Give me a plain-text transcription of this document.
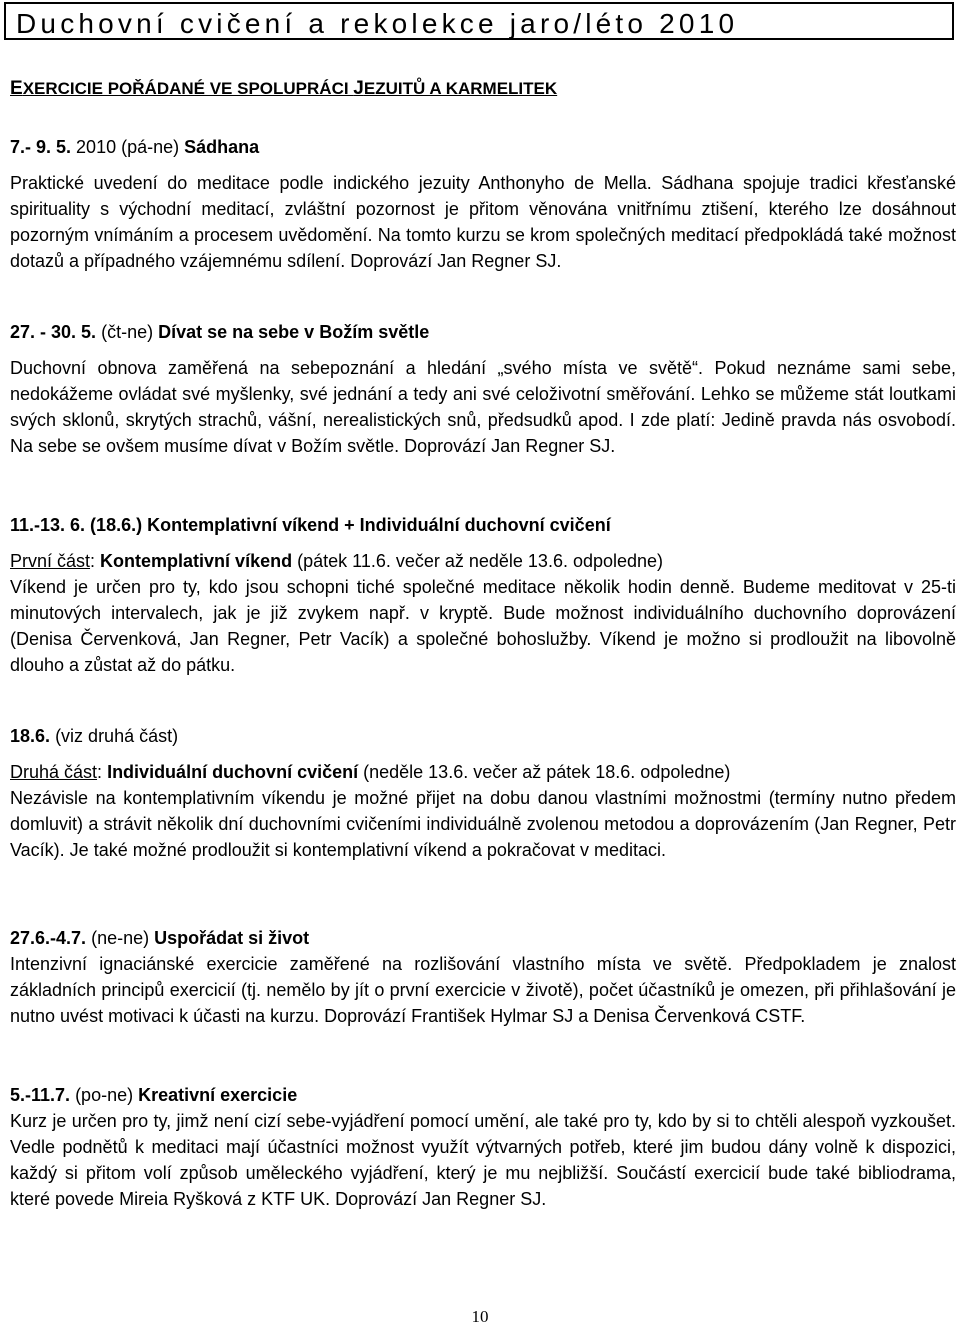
Duchovní cvičení a rekolekce jaro/léto 2010
EXERCICIE POŘÁDANÉ VE SPOLUPRÁCI JEZUITŮ A KARMELITEK
7.- 9. 5. 2010 (pá-ne) Sádhana

Praktické uvedení do meditace podle indického jezuity Anthonyho de Mella. Sádhana spojuje tradici křesťanské spirituality s východní meditací, zvláštní pozornost je přitom věnována vnitřnímu ztišení, kterého lze dosáhnout pozorným vnímáním a procesem uvědomění. Na tomto kurzu se krom společných meditací předpokládá také možnost dotazů a případného vzájemnému sdílení. Doprovází Jan Regner SJ.

27. - 30. 5. (čt-ne) Dívat se na sebe v Božím světle

Duchovní obnova zaměřená na sebepoznání a hledání „svého místa ve světě“. Pokud neznáme sami sebe, nedokážeme ovládat své myšlenky, své jednání a tedy ani své celoživotní směřování. Lehko se můžeme stát loutkami svých sklonů, skrytých strachů, vášní, nerealistických snů, předsudků apod. I zde platí: Jedině pravda nás osvobodí. Na sebe se ovšem musíme dívat v Božím světle. Doprovází Jan Regner SJ.

11.-13. 6. (18.6.) Kontemplativní víkend + Individuální duchovní cvičení
První část: Kontemplativní víkend (pátek 11.6. večer až neděle 13.6. odpoledne)

Víkend je určen pro ty, kdo jsou schopni tiché společné meditace několik hodin denně. Budeme meditovat v 25-ti minutových intervalech, jak je již zvykem např. v kryptě. Bude možnost individuálního duchovního doprovázení (Denisa Červenková, Jan Regner, Petr Vacík) a společné bohoslužby. Víkend je možno si prodloužit na libovolně dlouho a zůstat až do pátku.

18.6. (viz druhá část)
Druhá část: Individuální duchovní cvičení (neděle 13.6. večer až pátek 18.6. odpoledne)

Nezávisle na kontemplativním víkendu je možné přijet na dobu danou vlastními možnostmi (termíny nutno předem domluvit) a strávit několik dní duchovními cvičeními individuálně zvolenou metodou a doprovázením (Jan Regner, Petr Vacík). Je také možné prodloužit si kontemplativní víkend a pokračovat v meditaci.

27.6.-4.7. (ne-ne) Uspořádat si život

Intenzivní ignaciánské exercicie zaměřené na rozlišování vlastního místa ve světě. Předpokladem je znalost základních principů exercicií (tj. nemělo by jít o první exercicie v životě), počet účastníků je omezen, při přihlašování je nutno uvést motivaci k účasti na kurzu. Doprovází František Hylmar SJ a Denisa Červenková CSTF.

5.-11.7. (po-ne) Kreativní exercicie

Kurz je určen pro ty, jimž není cizí sebe-vyjádření pomocí umění, ale také pro ty, kdo by si to chtěli alespoň vyzkoušet. Vedle podnětů k meditaci mají účastníci možnost využít výtvarných potřeb, které jim budou dány volně k dispozici, každý si přitom volí způsob uměleckého vyjádření, který je mu nejbližší. Součástí exercicií bude také bibliodrama, které povede Mireia Ryšková z KTF UK. Doprovází Jan Regner SJ.

10
